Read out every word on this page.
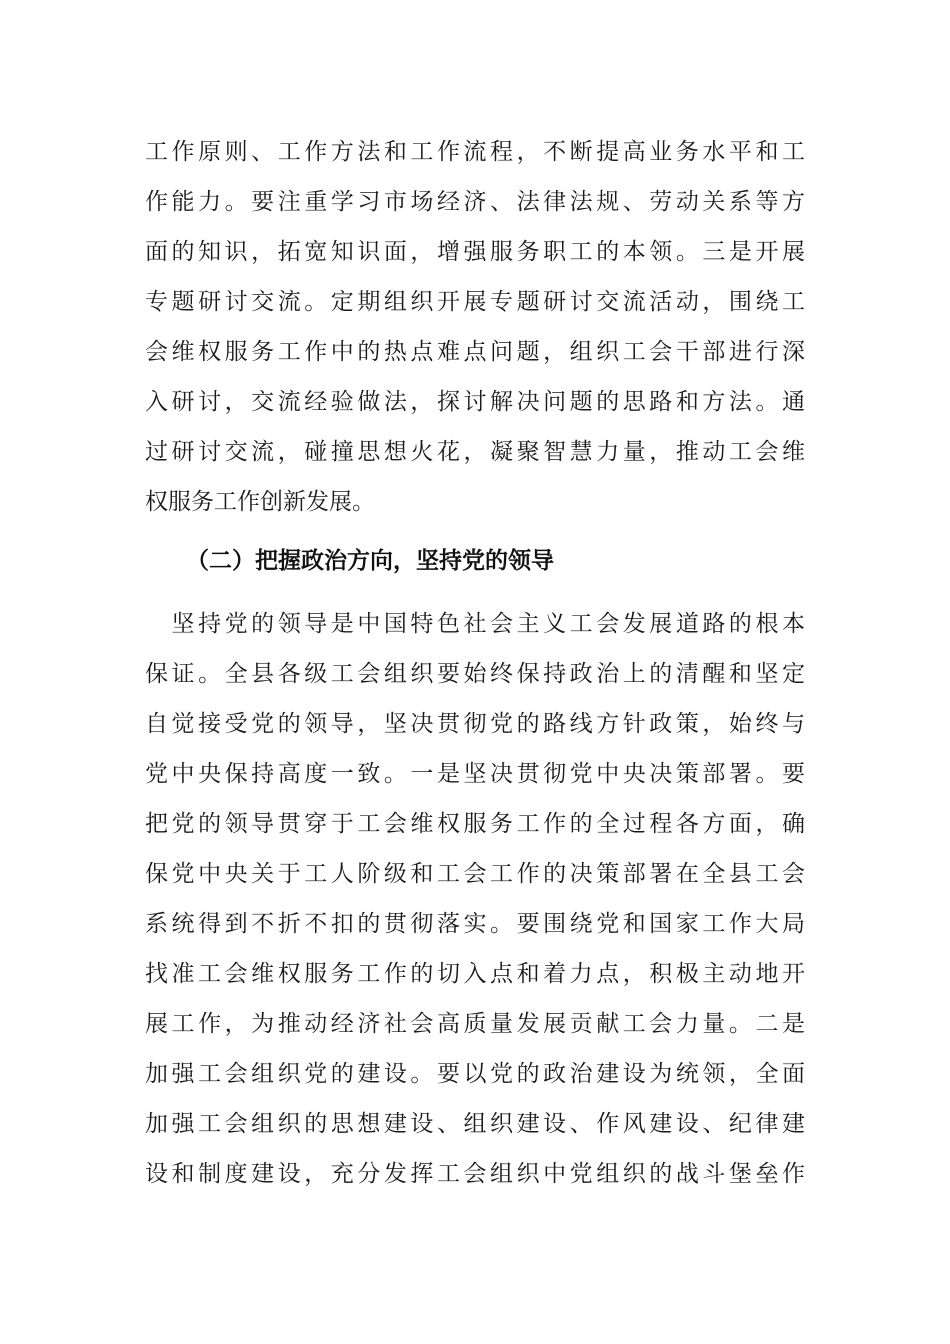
工作原则、工作方法和工作流程，不断提高业务水平和工
作能力。要注重学习市场经济、法律法规、劳动关系等方
面的知识，拓宽知识面，增强服务职工的本领。三是开展
专题研讨交流。定期组织开展专题研讨交流活动，围绕工
会维权服务工作中的热点难点问题，组织工会干部进行深
入研讨，交流经验做法，探讨解决问题的思路和方法。通
过研讨交流，碰撞思想火花，凝聚智慧力量，推动工会维
权服务工作创新发展。
（二）把握政治方向，坚持党的领导
　坚持党的领导是中国特色社会主义工会发展道路的根本
保证。全县各级工会组织要始终保持政治上的清醒和坚定
自觉接受党的领导，坚决贯彻党的路线方针政策，始终与
党中央保持高度一致。一是坚决贯彻党中央决策部署。要
把党的领导贯穿于工会维权服务工作的全过程各方面，确
保党中央关于工人阶级和工会工作的决策部署在全县工会
系统得到不折不扣的贯彻落实。要围绕党和国家工作大局
找准工会维权服务工作的切入点和着力点，积极主动地开
展工作，为推动经济社会高质量发展贡献工会力量。二是
加强工会组织党的建设。要以党的政治建设为统领，全面
加强工会组织的思想建设、组织建设、作风建设、纪律建
设和制度建设，充分发挥工会组织中党组织的战斗堡垒作
